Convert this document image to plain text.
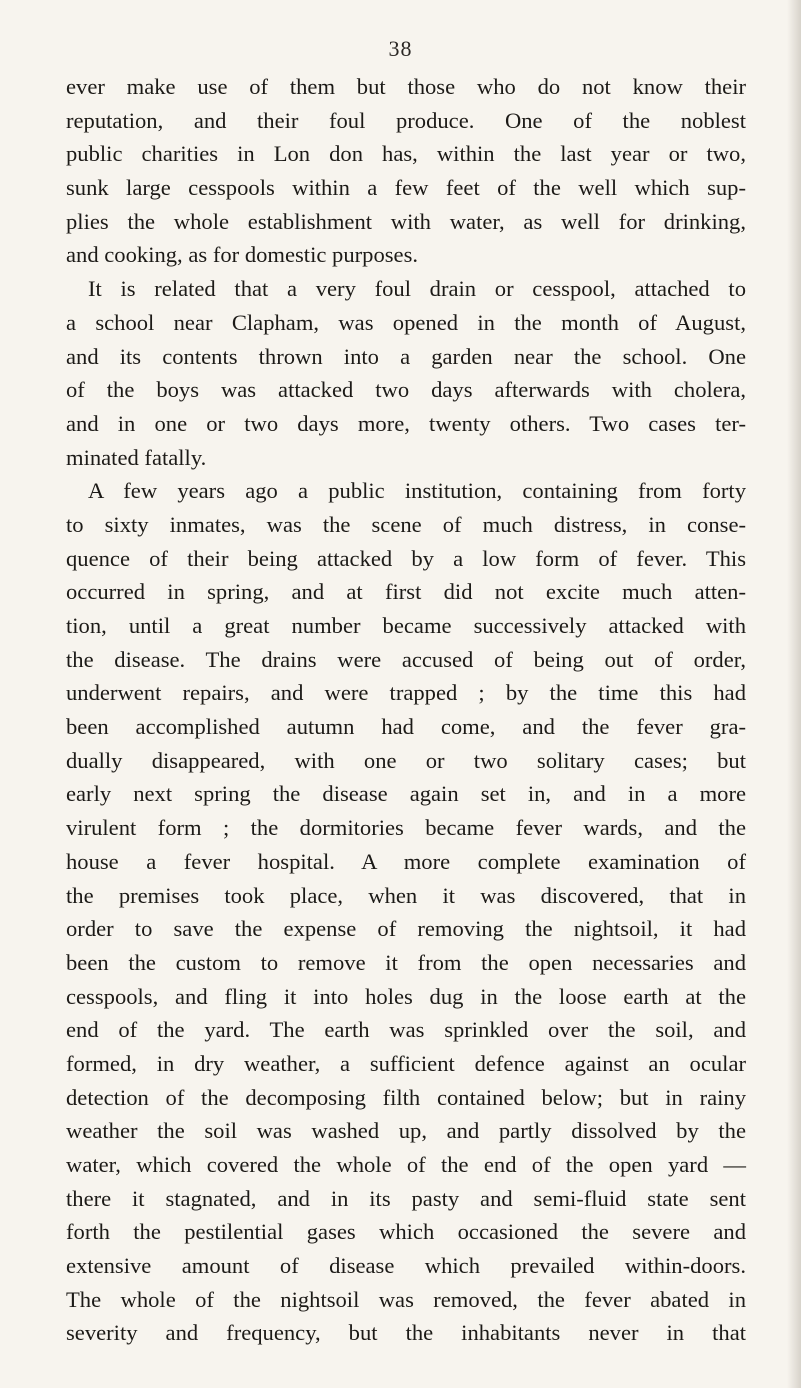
38
ever make use of them but those who do not know their
reputation, and their foul produce. One of the noblest
public charities in Lon don has, within the last year or two,
sunk large cesspools within a few feet of the well which sup-
plies the whole establishment with water, as well for drinking,
and cooking, as for domestic purposes.
It is related that a very foul drain or cesspool, attached to
a school near Clapham, was opened in the month of August,
and its contents thrown into a garden near the school. One
of the boys was attacked two days afterwards with cholera,
and in one or two days more, twenty others. Two cases ter-
minated fatally.
A few years ago a public institution, containing from forty
to sixty inmates, was the scene of much distress, in conse-
quence of their being attacked by a low form of fever. This
occurred in spring, and at first did not excite much atten-
tion, until a great number became successively attacked with
the disease. The drains were accused of being out of order,
underwent repairs, and were trapped ; by the time this had
been accomplished autumn had come, and the fever gra-
dually disappeared, with one or two solitary cases; but
early next spring the disease again set in, and in a more
virulent form ; the dormitories became fever wards, and the
house a fever hospital. A more complete examination of
the premises took place, when it was discovered, that in
order to save the expense of removing the nightsoil, it had
been the custom to remove it from the open necessaries and
cesspools, and fling it into holes dug in the loose earth at the
end of the yard. The earth was sprinkled over the soil, and
formed, in dry weather, a sufficient defence against an ocular
detection of the decomposing filth contained below; but in rainy
weather the soil was washed up, and partly dissolved by the
water, which covered the whole of the end of the open yard —
there it stagnated, and in its pasty and semi-fluid state sent
forth the pestilential gases which occasioned the severe and
extensive amount of disease which prevailed within-doors.
The whole of the nightsoil was removed, the fever abated in
severity and frequency, but the inhabitants never in that
